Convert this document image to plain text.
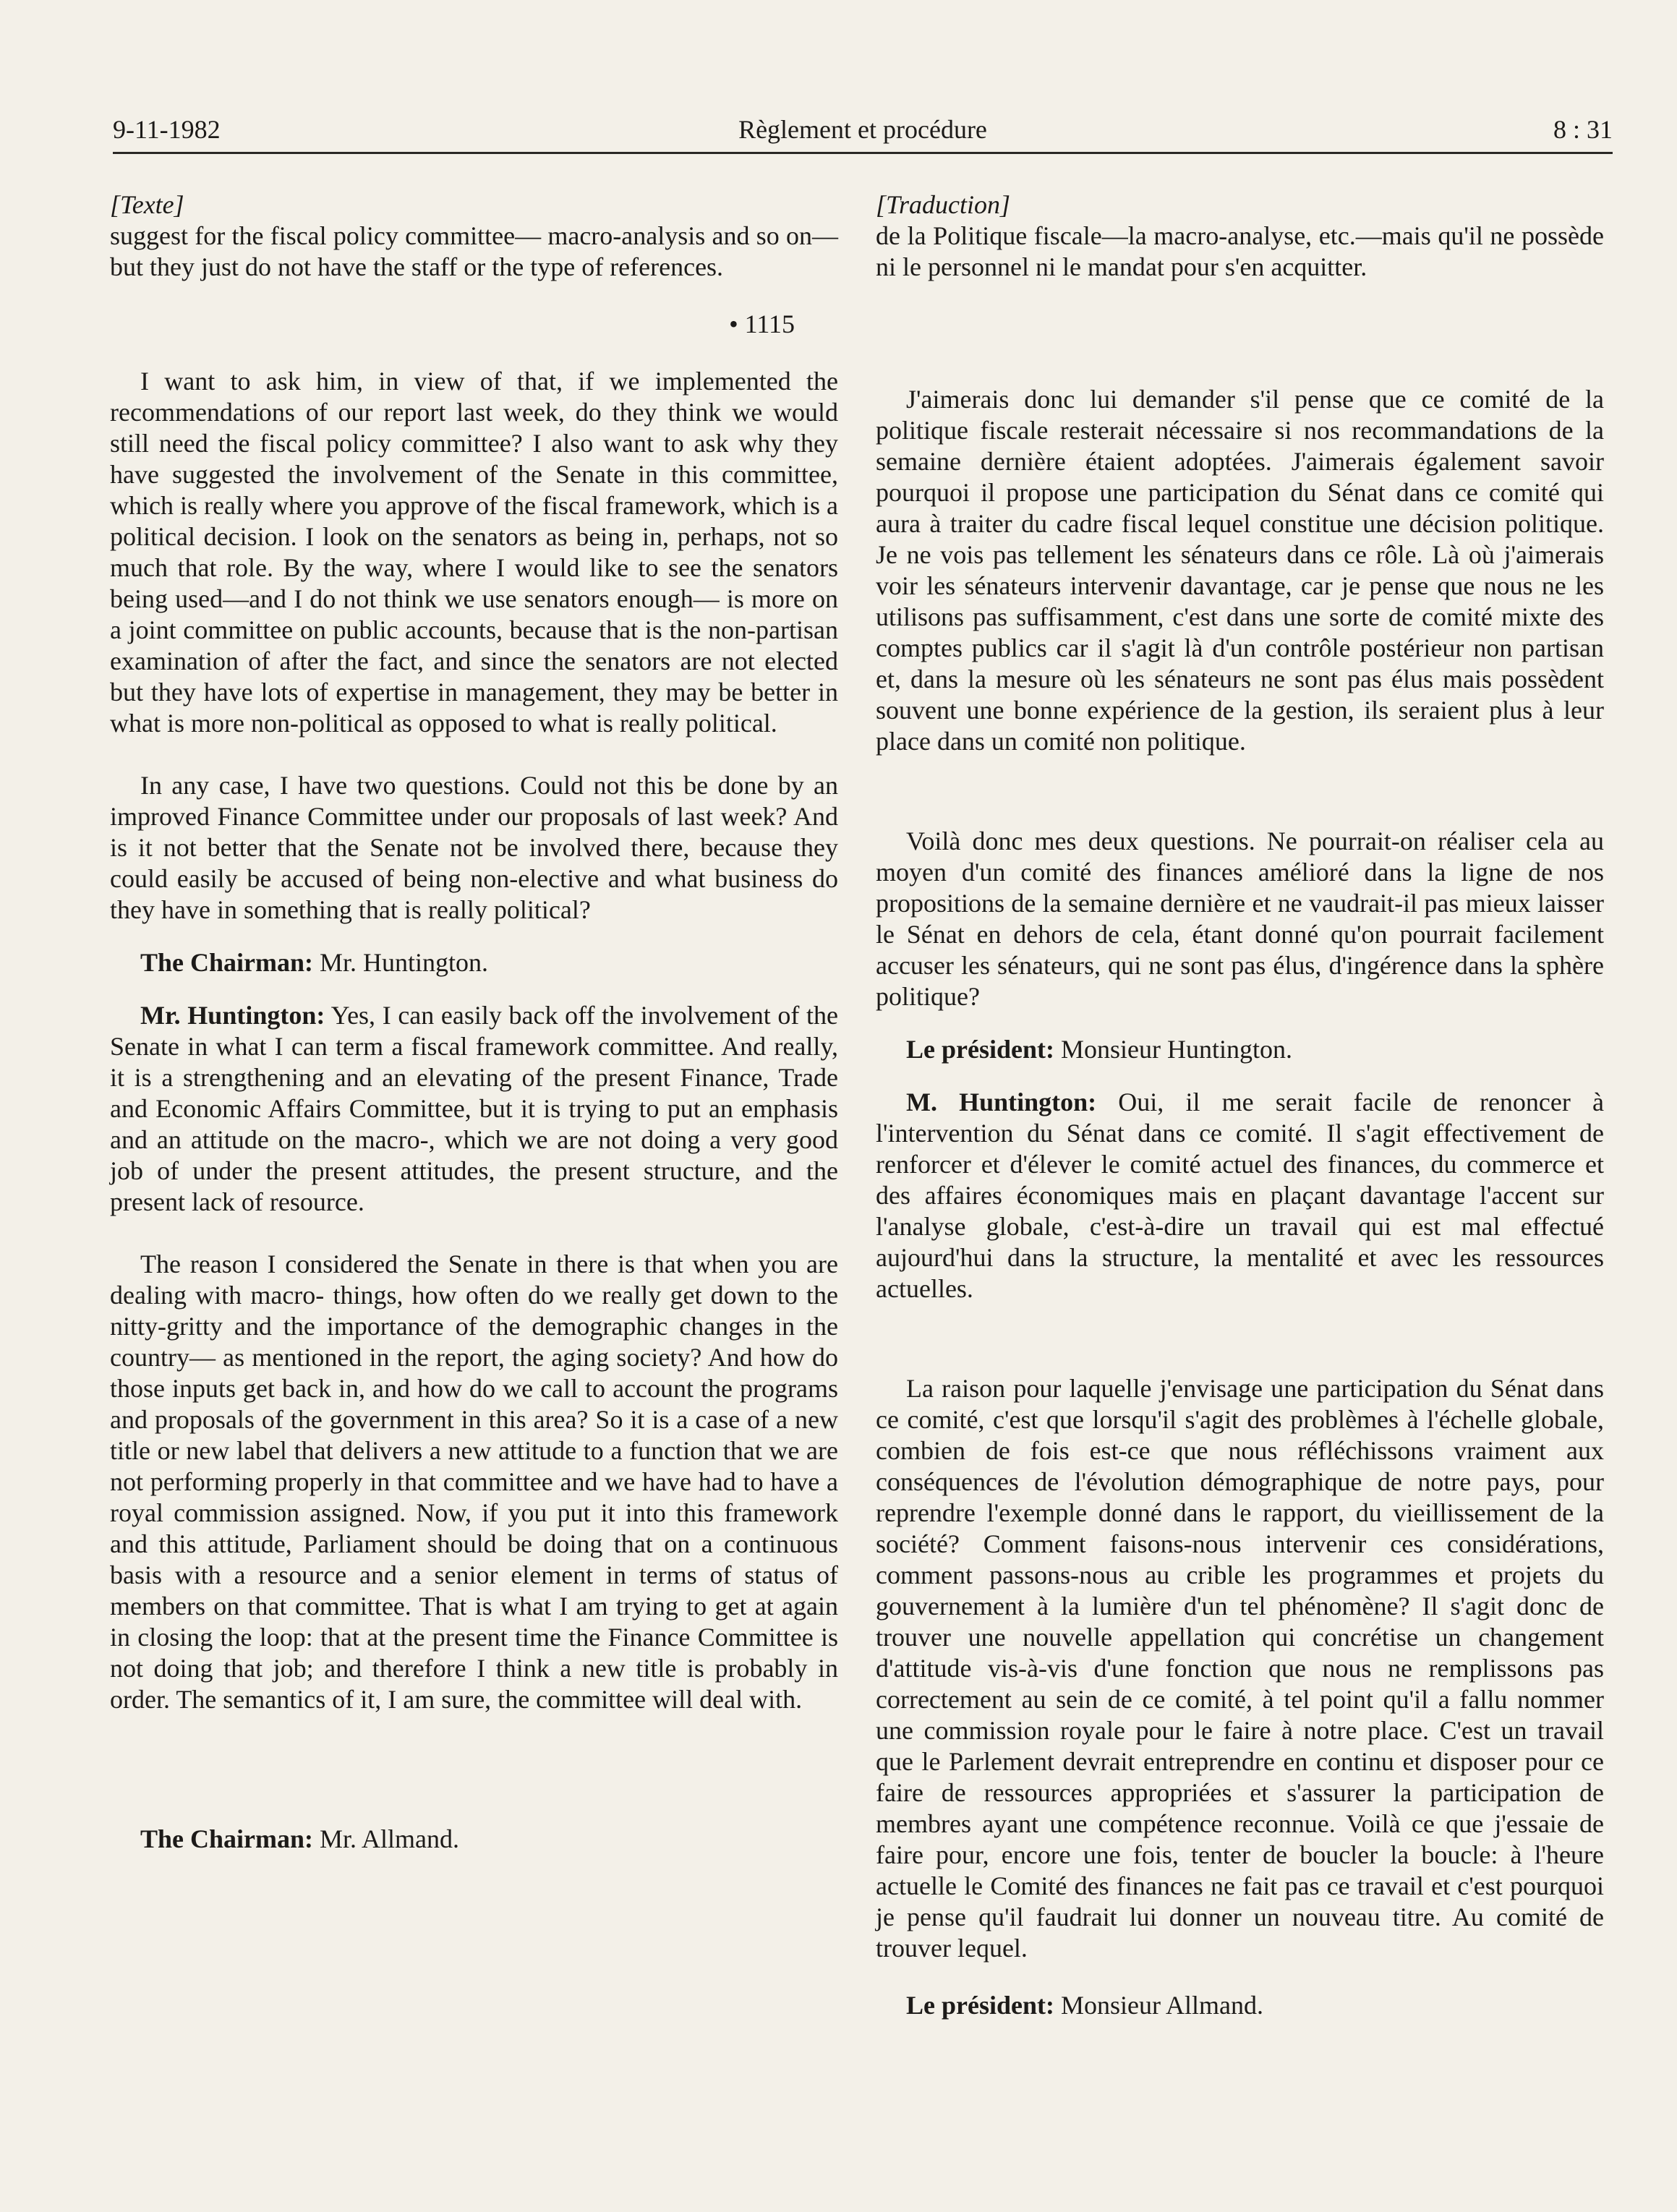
9-11-1982	Règlement et procédure	8 : 31

[Texte]

suggest for the fiscal policy committee— macro-analysis and so on—but they just do not have the staff or the type of references.

• 1115

I want to ask him, in view of that, if we implemented the recommendations of our report last week, do they think we would still need the fiscal policy committee? I also want to ask why they have suggested the involvement of the Senate in this committee, which is really where you approve of the fiscal framework, which is a political decision. I look on the senators as being in, perhaps, not so much that role. By the way, where I would like to see the senators being used—and I do not think we use senators enough— is more on a joint committee on public accounts, because that is the non-partisan examination of after the fact, and since the senators are not elected but they have lots of expertise in management, they may be better in what is more non-political as opposed to what is really political.

In any case, I have two questions. Could not this be done by an improved Finance Committee under our proposals of last week? And is it not better that the Senate not be involved there, because they could easily be accused of being non-elective and what business do they have in something that is really political?

The Chairman: Mr. Huntington.

Mr. Huntington: Yes, I can easily back off the involvement of the Senate in what I can term a fiscal framework committee. And really, it is a strengthening and an elevating of the present Finance, Trade and Economic Affairs Committee, but it is trying to put an emphasis and an attitude on the macro-, which we are not doing a very good job of under the present attitudes, the present structure, and the present lack of resource.

The reason I considered the Senate in there is that when you are dealing with macro- things, how often do we really get down to the nitty-gritty and the importance of the demographic changes in the country— as mentioned in the report, the aging society? And how do those inputs get back in, and how do we call to account the programs and proposals of the government in this area? So it is a case of a new title or new label that delivers a new attitude to a function that we are not performing properly in that committee and we have had to have a royal commission assigned. Now, if you put it into this framework and this attitude, Parliament should be doing that on a continuous basis with a resource and a senior element in terms of status of members on that committee. That is what I am trying to get at again in closing the loop: that at the present time the Finance Committee is not doing that job; and therefore I think a new title is probably in order. The semantics of it, I am sure, the committee will deal with.

The Chairman: Mr. Allmand.

[Traduction]

de la Politique fiscale—la macro-analyse, etc.—mais qu'il ne possède ni le personnel ni le mandat pour s'en acquitter.

J'aimerais donc lui demander s'il pense que ce comité de la politique fiscale resterait nécessaire si nos recommandations de la semaine dernière étaient adoptées. J'aimerais également savoir pourquoi il propose une participation du Sénat dans ce comité qui aura à traiter du cadre fiscal lequel constitue une décision politique. Je ne vois pas tellement les sénateurs dans ce rôle. Là où j'aimerais voir les sénateurs intervenir davantage, car je pense que nous ne les utilisons pas suffisamment, c'est dans une sorte de comité mixte des comptes publics car il s'agit là d'un contrôle postérieur non partisan et, dans la mesure où les sénateurs ne sont pas élus mais possèdent souvent une bonne expérience de la gestion, ils seraient plus à leur place dans un comité non politique.

Voilà donc mes deux questions. Ne pourrait-on réaliser cela au moyen d'un comité des finances amélioré dans la ligne de nos propositions de la semaine dernière et ne vaudrait-il pas mieux laisser le Sénat en dehors de cela, étant donné qu'on pourrait facilement accuser les sénateurs, qui ne sont pas élus, d'ingérence dans la sphère politique?

Le président: Monsieur Huntington.

M. Huntington: Oui, il me serait facile de renoncer à l'intervention du Sénat dans ce comité. Il s'agit effectivement de renforcer et d'élever le comité actuel des finances, du commerce et des affaires économiques mais en plaçant davantage l'accent sur l'analyse globale, c'est-à-dire un travail qui est mal effectué aujourd'hui dans la structure, la mentalité et avec les ressources actuelles.

La raison pour laquelle j'envisage une participation du Sénat dans ce comité, c'est que lorsqu'il s'agit des problèmes à l'échelle globale, combien de fois est-ce que nous réfléchissons vraiment aux conséquences de l'évolution démographique de notre pays, pour reprendre l'exemple donné dans le rapport, du vieillissement de la société? Comment faisons-nous intervenir ces considérations, comment passons-nous au crible les programmes et projets du gouvernement à la lumière d'un tel phénomène? Il s'agit donc de trouver une nouvelle appellation qui concrétise un changement d'attitude vis-à-vis d'une fonction que nous ne remplissons pas correctement au sein de ce comité, à tel point qu'il a fallu nommer une commission royale pour le faire à notre place. C'est un travail que le Parlement devrait entreprendre en continu et disposer pour ce faire de ressources appropriées et s'assurer la participation de membres ayant une compétence reconnue. Voilà ce que j'essaie de faire pour, encore une fois, tenter de boucler la boucle: à l'heure actuelle le Comité des finances ne fait pas ce travail et c'est pourquoi je pense qu'il faudrait lui donner un nouveau titre. Au comité de trouver lequel.

Le président: Monsieur Allmand.
